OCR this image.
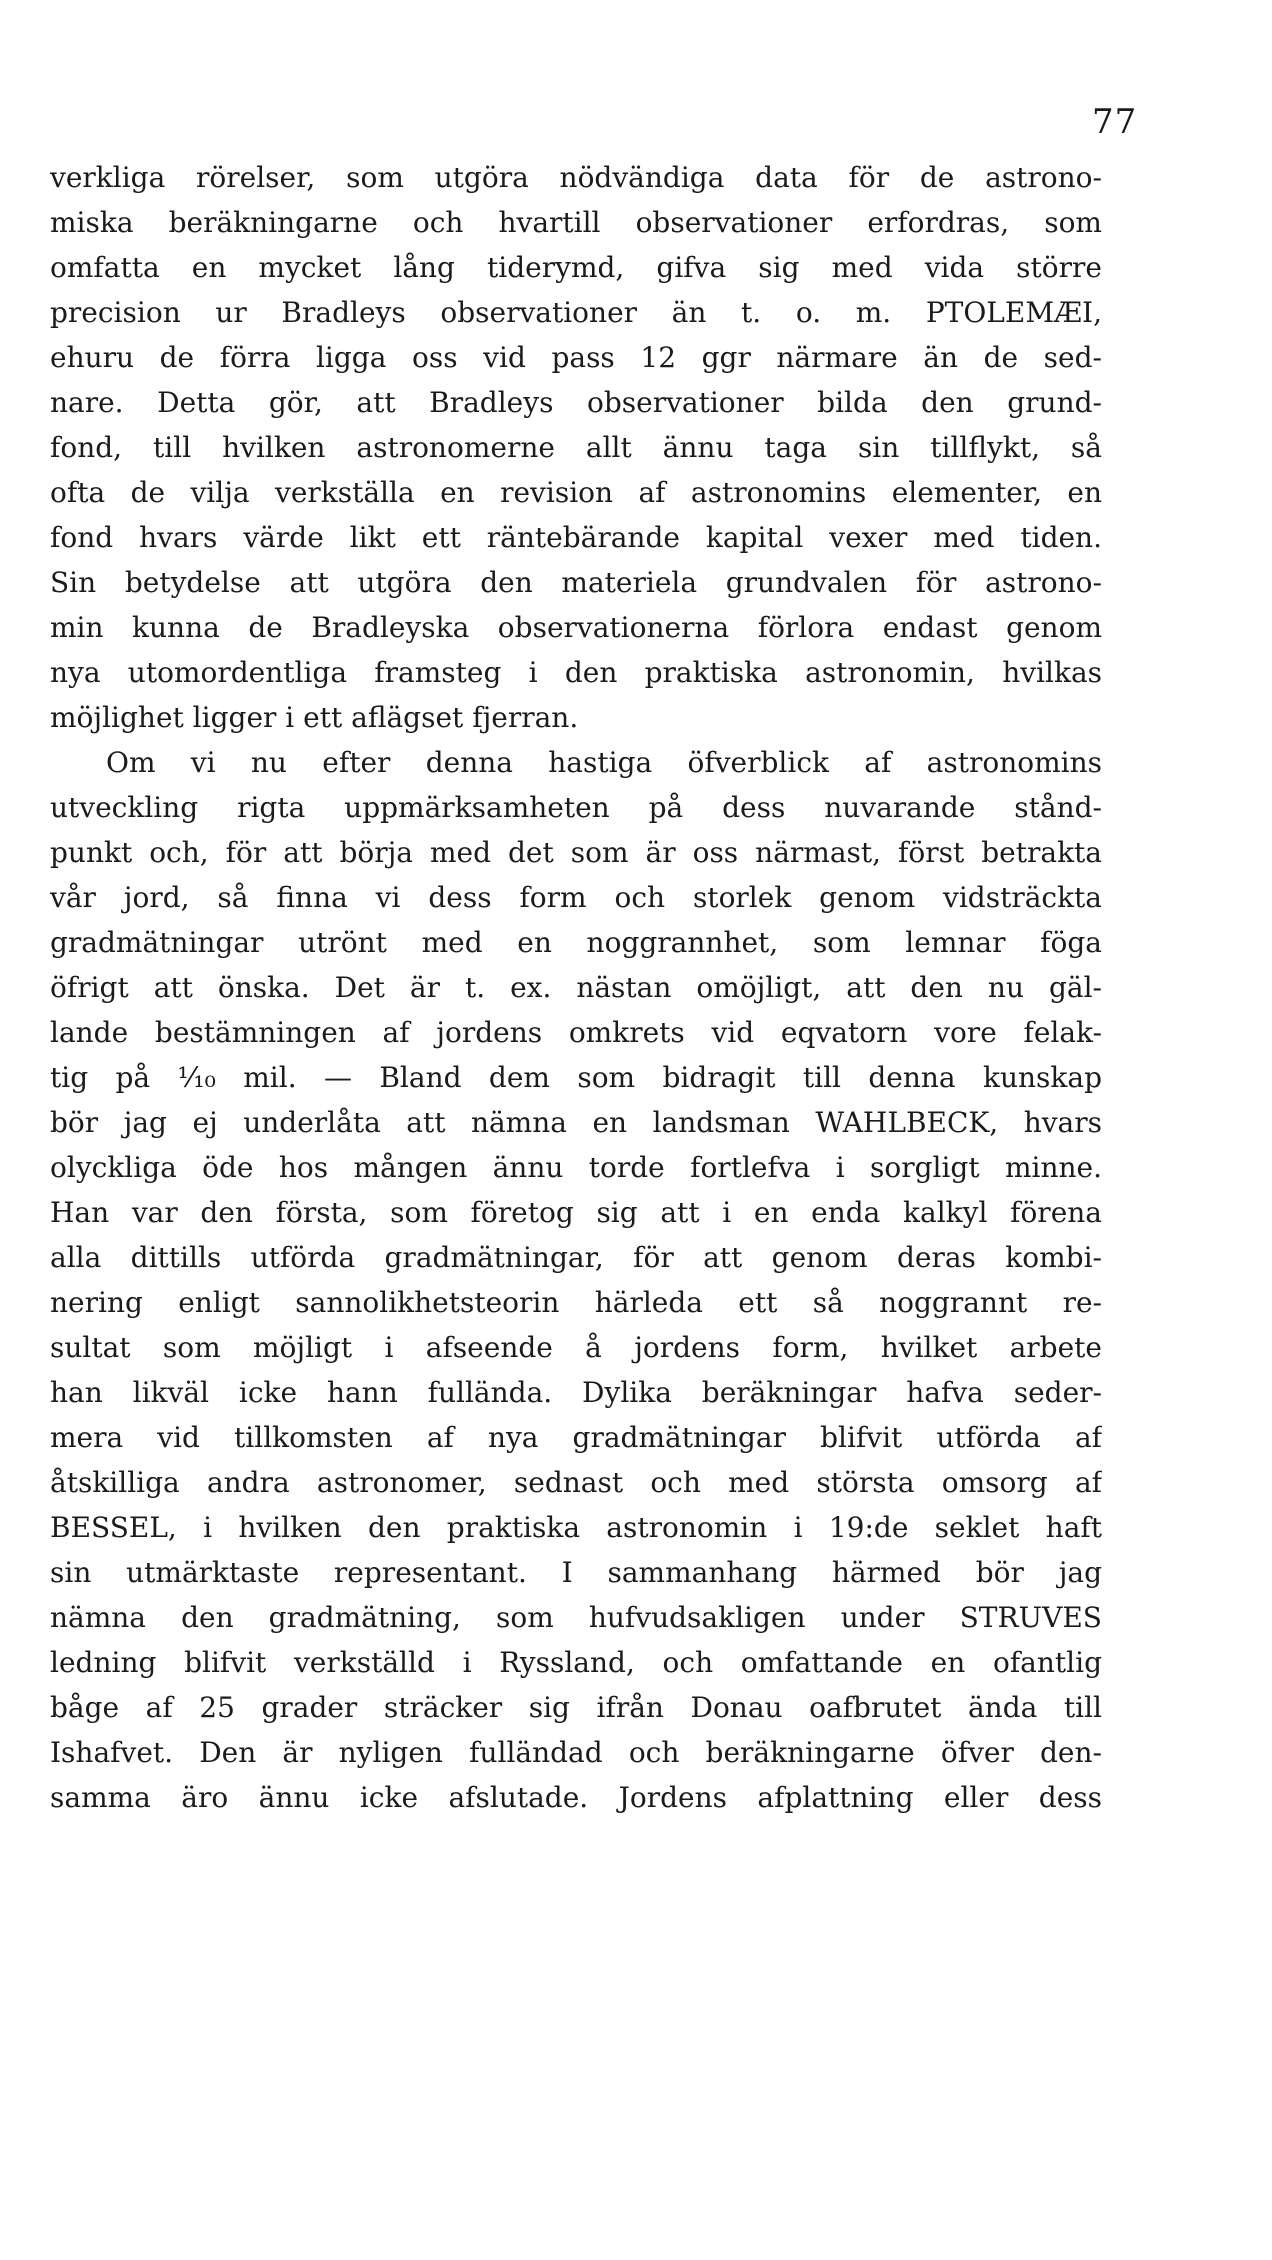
77
verkliga rörelser, som utgöra nödvändiga data för de astrono-
miska beräkningarne och hvartill observationer erfordras, som
omfatta en mycket lång tiderymd, gifva sig med vida större
precision ur Bradleys observationer än t. o. m. PTOLEMÆI,
ehuru de förra ligga oss vid pass 12 ggr närmare än de sed-
nare. Detta gör, att Bradleys observationer bilda den grund-
fond, till hvilken astronomerne allt ännu taga sin tillflykt, så
ofta de vilja verkställa en revision af astronomins elementer, en
fond hvars värde likt ett räntebärande kapital vexer med tiden.
Sin betydelse att utgöra den materiela grundvalen för astrono-
min kunna de Bradleyska observationerna förlora endast genom
nya utomordentliga framsteg i den praktiska astronomin, hvilkas
möjlighet ligger i ett aflägset fjerran.
Om vi nu efter denna hastiga öfverblick af astronomins
utveckling rigta uppmärksamheten på dess nuvarande stånd-
punkt och, för att börja med det som är oss närmast, först betrakta
vår jord, så finna vi dess form och storlek genom vidsträckta
gradmätningar utrönt med en noggrannhet, som lemnar föga
öfrigt att önska. Det är t. ex. nästan omöjligt, att den nu gäl-
lande bestämningen af jordens omkrets vid eqvatorn vore felak-
tig på ¹⁄₁₀ mil. — Bland dem som bidragit till denna kunskap
bör jag ej underlåta att nämna en landsman WAHLBECK, hvars
olyckliga öde hos mången ännu torde fortlefva i sorgligt minne.
Han var den första, som företog sig att i en enda kalkyl förena
alla dittills utförda gradmätningar, för att genom deras kombi-
nering enligt sannolikhetsteorin härleda ett så noggrannt re-
sultat som möjligt i afseende å jordens form, hvilket arbete
han likväl icke hann fullända. Dylika beräkningar hafva seder-
mera vid tillkomsten af nya gradmätningar blifvit utförda af
åtskilliga andra astronomer, sednast och med största omsorg af
BESSEL, i hvilken den praktiska astronomin i 19:de seklet haft
sin utmärktaste representant. I sammanhang härmed bör jag
nämna den gradmätning, som hufvudsakligen under STRUVES
ledning blifvit verkställd i Ryssland, och omfattande en ofantlig
båge af 25 grader sträcker sig ifrån Donau oafbrutet ända till
Ishafvet. Den är nyligen fulländad och beräkningarne öfver den-
samma äro ännu icke afslutade. Jordens afplattning eller dess
